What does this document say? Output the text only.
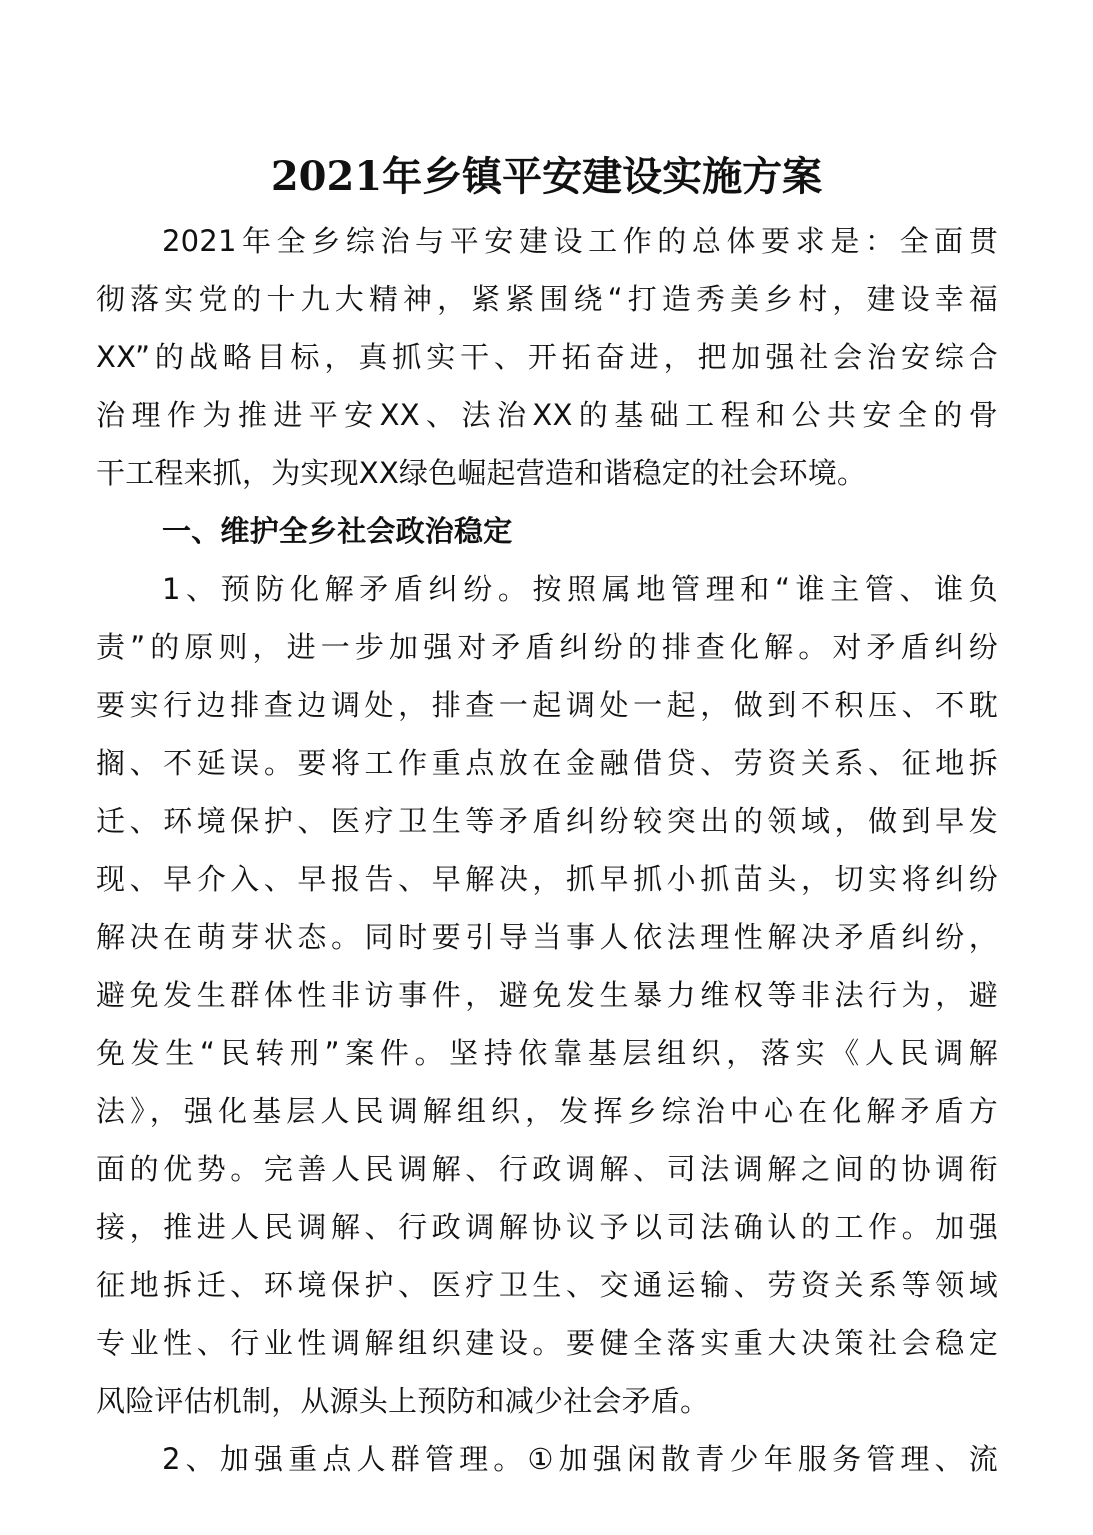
2021年乡镇平安建设实施方案
2021年全乡综治与平安建设工作的总体要求是：全面贯
彻落实党的十九大精神，紧紧围绕“打造秀美乡村，建设幸福
XX”的战略目标，真抓实干、开拓奋进，把加强社会治安综合
治理作为推进平安XX、法治XX的基础工程和公共安全的骨
干工程来抓，为实现XX绿色崛起营造和谐稳定的社会环境。
一、维护全乡社会政治稳定
1、预防化解矛盾纠纷。按照属地管理和“谁主管、谁负
责”的原则，进一步加强对矛盾纠纷的排查化解。对矛盾纠纷
要实行边排查边调处，排查一起调处一起，做到不积压、不耽
搁、不延误。要将工作重点放在金融借贷、劳资关系、征地拆
迁、环境保护、医疗卫生等矛盾纠纷较突出的领域，做到早发
现、早介入、早报告、早解决，抓早抓小抓苗头，切实将纠纷
解决在萌芽状态。同时要引导当事人依法理性解决矛盾纠纷，
避免发生群体性非访事件，避免发生暴力维权等非法行为，避
免发生“民转刑”案件。坚持依靠基层组织，落实《人民调解
法》，强化基层人民调解组织，发挥乡综治中心在化解矛盾方
面的优势。完善人民调解、行政调解、司法调解之间的协调衔
接，推进人民调解、行政调解协议予以司法确认的工作。加强
征地拆迁、环境保护、医疗卫生、交通运输、劳资关系等领域
专业性、行业性调解组织建设。要健全落实重大决策社会稳定
风险评估机制，从源头上预防和减少社会矛盾。
2、加强重点人群管理。①加强闲散青少年服务管理、流
